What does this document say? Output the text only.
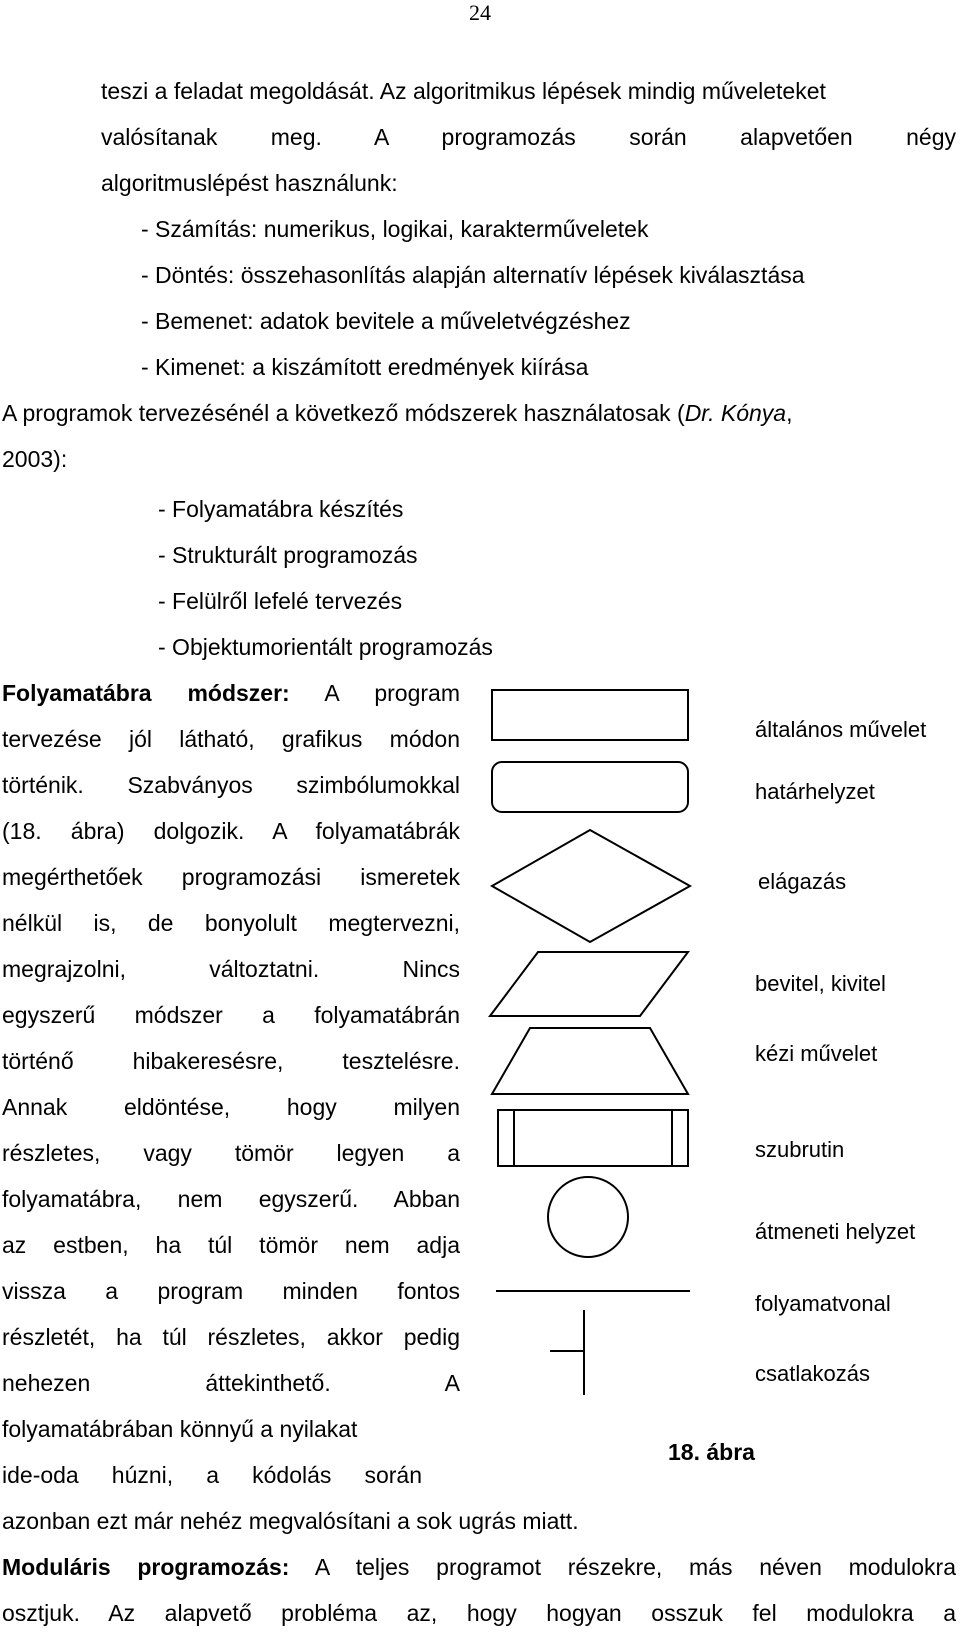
24
teszi a feladat megoldását. Az algoritmikus lépések mindig műveleteket
valósítanak meg. A programozás során alapvetően négy
algoritmuslépést használunk:
- Számítás: numerikus, logikai, karakterműveletek
- Döntés: összehasonlítás alapján alternatív lépések kiválasztása
- Bemenet: adatok bevitele a műveletvégzéshez
- Kimenet: a kiszámított eredmények kiírása
A programok tervezésénél a következő módszerek használatosak (Dr. Kónya,
2003):
- Folyamatábra készítés
- Strukturált programozás
- Felülről lefelé tervezés
- Objektumorientált programozás
Folyamatábra módszer: A program
tervezése jól látható, grafikus módon
történik. Szabványos szimbólumokkal
(18. ábra) dolgozik. A folyamatábrák
megérthetőek programozási ismeretek
nélkül is, de bonyolult megtervezni,
megrajzolni, változtatni. Nincs
egyszerű módszer a folyamatábrán
történő hibakeresésre, tesztelésre.
Annak eldöntése, hogy milyen
részletes, vagy tömör legyen a
folyamatábra, nem egyszerű. Abban
az estben, ha túl tömör nem adja
vissza a program minden fontos
részletét, ha túl részletes, akkor pedig
nehezen áttekinthető. A
folyamatábrában könnyű a nyilakat
ide-oda húzni, a kódolás során
azonban ezt már nehéz megvalósítani a sok ugrás miatt.
általános művelet
határhelyzet
elágazás
bevitel, kivitel
kézi művelet
szubrutin
átmeneti helyzet
folyamatvonal
csatlakozás
18. ábra
Moduláris programozás: A teljes programot részekre, más néven modulokra
osztjuk. Az alapvető probléma az, hogy hogyan osszuk fel modulokra a
